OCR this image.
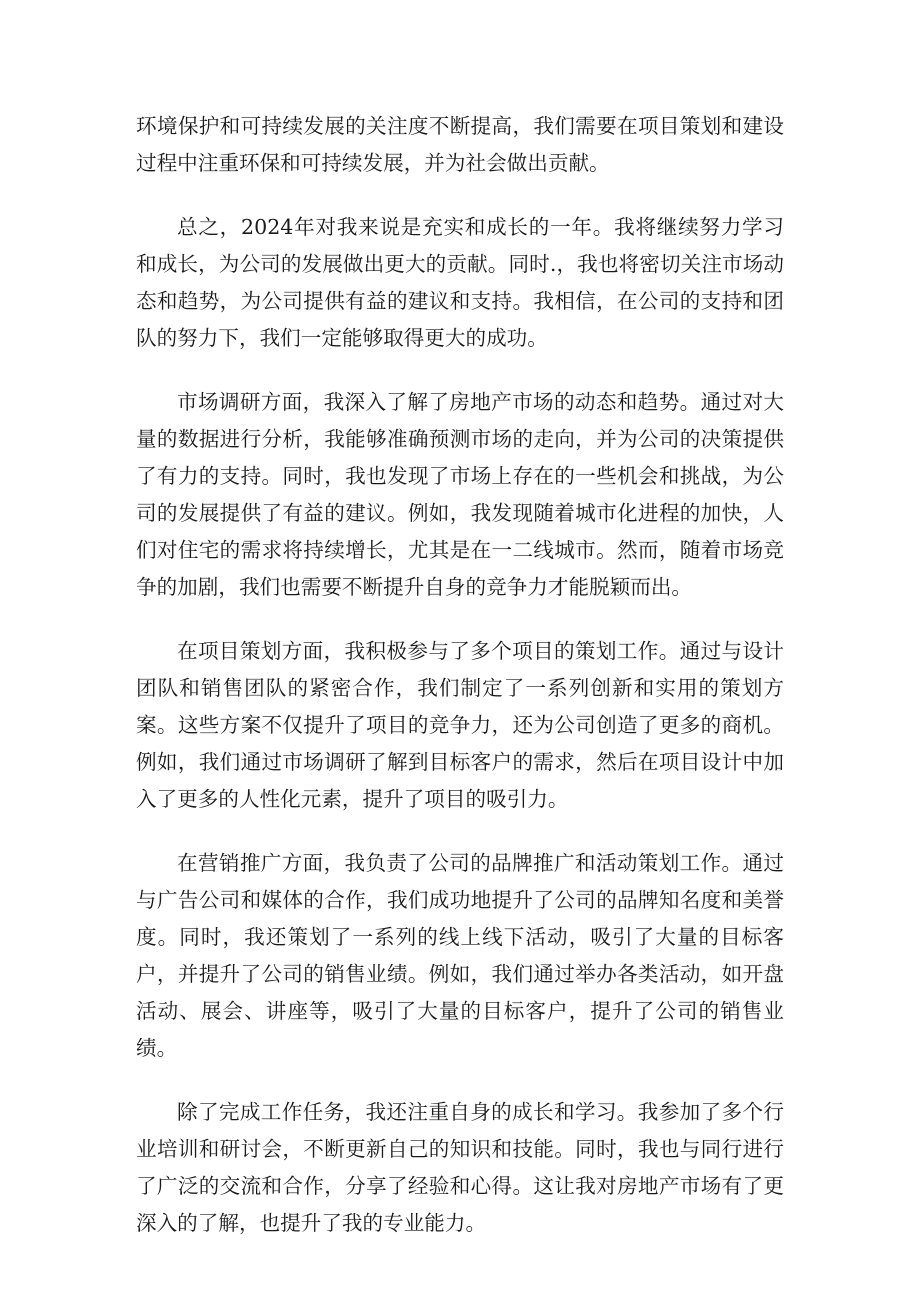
环境保护和可持续发展的关注度不断提高，我们需要在项目策划和建设过程中注重环保和可持续发展，并为社会做出贡献。

总之，2024年对我来说是充实和成长的一年。我将继续努力学习和成长，为公司的发展做出更大的贡献。同时.，我也将密切关注市场动态和趋势，为公司提供有益的建议和支持。我相信，在公司的支持和团队的努力下，我们一定能够取得更大的成功。

市场调研方面，我深入了解了房地产市场的动态和趋势。通过对大量的数据进行分析，我能够准确预测市场的走向，并为公司的决策提供了有力的支持。同时，我也发现了市场上存在的一些机会和挑战，为公司的发展提供了有益的建议。例如，我发现随着城市化进程的加快，人们对住宅的需求将持续增长，尤其是在一二线城市。然而，随着市场竞争的加剧，我们也需要不断提升自身的竞争力才能脱颖而出。

在项目策划方面，我积极参与了多个项目的策划工作。通过与设计团队和销售团队的紧密合作，我们制定了一系列创新和实用的策划方案。这些方案不仅提升了项目的竞争力，还为公司创造了更多的商机。例如，我们通过市场调研了解到目标客户的需求，然后在项目设计中加入了更多的人性化元素，提升了项目的吸引力。

在营销推广方面，我负责了公司的品牌推广和活动策划工作。通过与广告公司和媒体的合作，我们成功地提升了公司的品牌知名度和美誉度。同时，我还策划了一系列的线上线下活动，吸引了大量的目标客户，并提升了公司的销售业绩。例如，我们通过举办各类活动，如开盘活动、展会、讲座等，吸引了大量的目标客户，提升了公司的销售业绩。

除了完成工作任务，我还注重自身的成长和学习。我参加了多个行业培训和研讨会，不断更新自己的知识和技能。同时，我也与同行进行了广泛的交流和合作，分享了经验和心得。这让我对房地产市场有了更深入的了解，也提升了我的专业能力。
